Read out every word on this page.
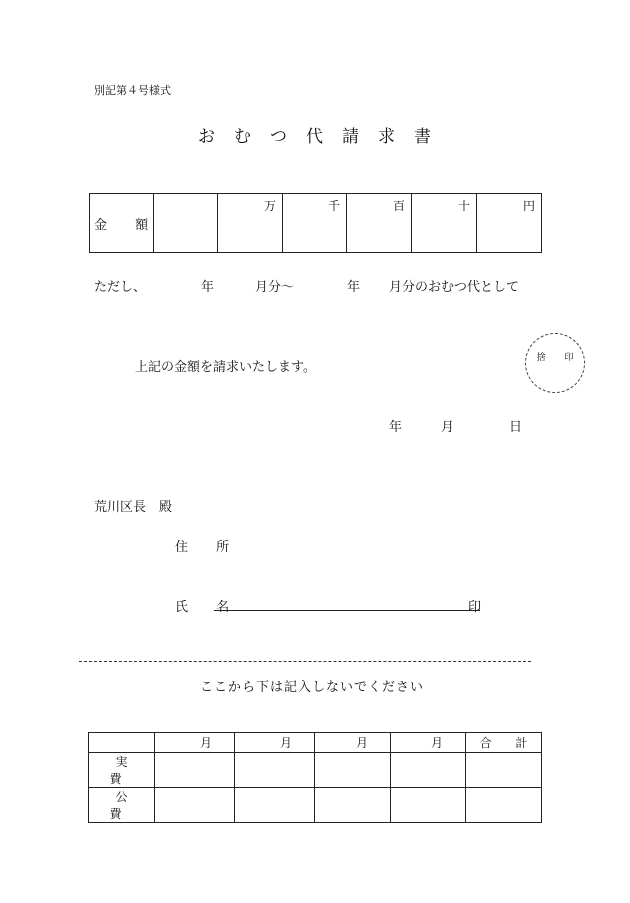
別記第４号様式
おむつ代請求書
金 額		万	千	百	十	円
ただし、	年	月分～	年 月分のおむつ代として
上記の金額を請求いたします。
捨 印
年	月	日
荒川区長　殿
住 所
氏 名	印
ここから下は記入しないでください
	月	月	月	月	合 計
実 費					
公 費					
